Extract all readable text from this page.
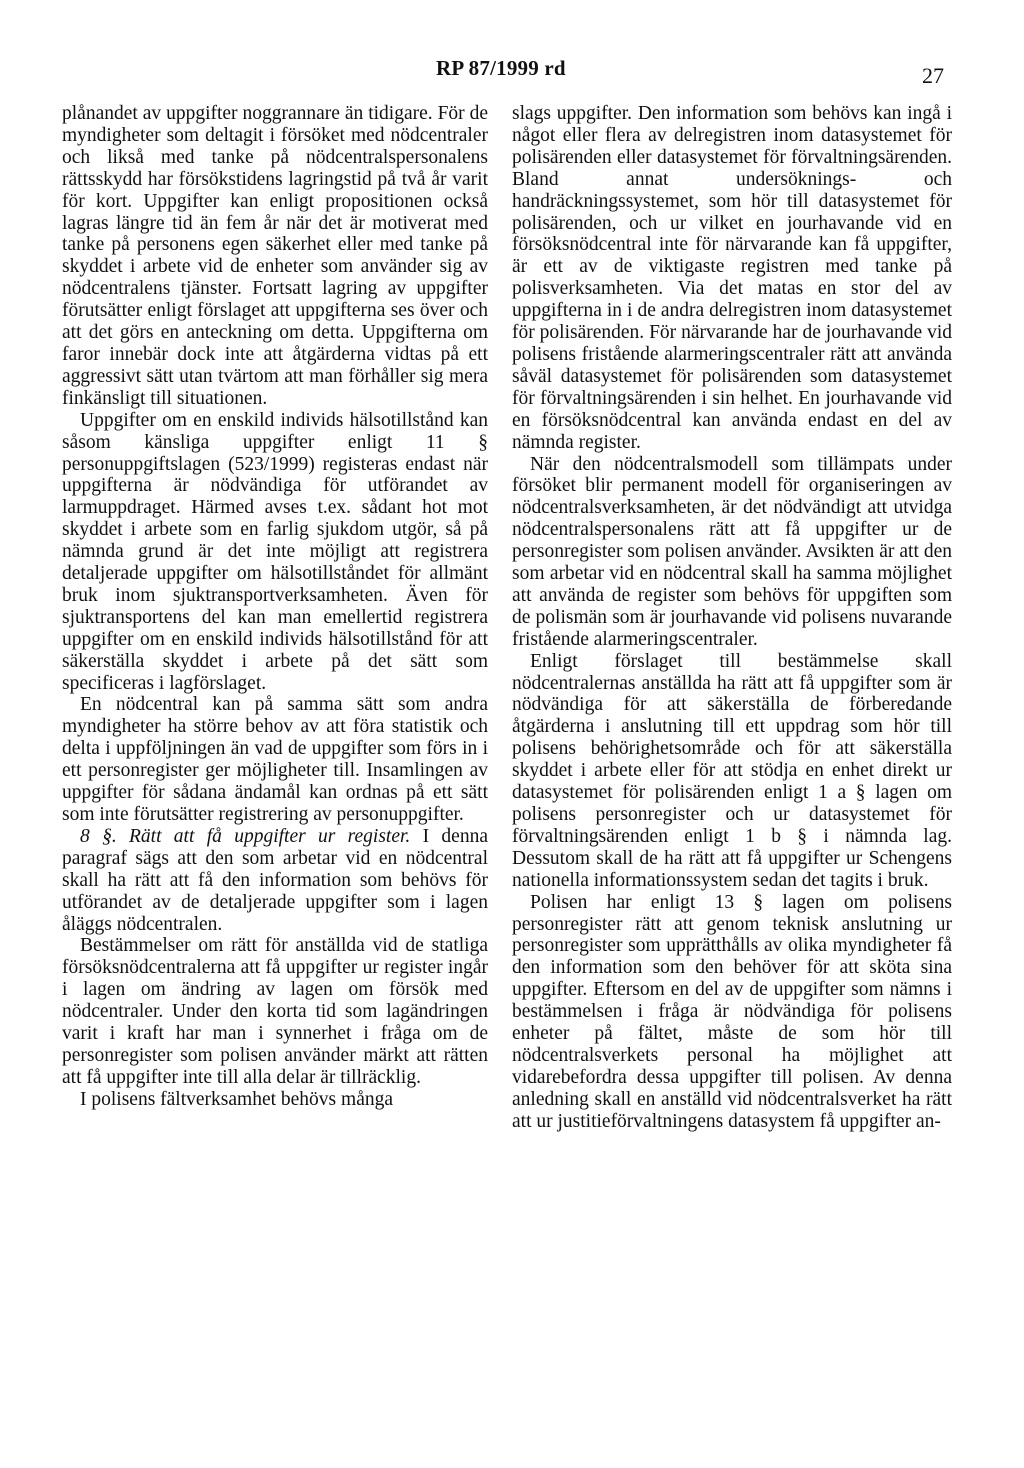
RP 87/1999 rd	27

plånandet av uppgifter noggrannare än tidigare. För de myndigheter som deltagit i försöket med nödcentraler och likså med tanke på nödcentralspersonalens rättsskydd har försökstidens lagringstid på två år varit för kort. Uppgifter kan enligt propositionen också lagras längre tid än fem år när det är motiverat med tanke på personens egen säkerhet eller med tanke på skyddet i arbete vid de enheter som använder sig av nödcentralens tjänster. Fortsatt lagring av uppgifter förutsätter enligt förslaget att uppgifterna ses över och att det görs en anteckning om detta. Uppgifterna om faror innebär dock inte att åtgärderna vidtas på ett aggressivt sätt utan tvärtom att man förhåller sig mera finkänsligt till situationen.

Uppgifter om en enskild individs hälsotillstånd kan såsom känsliga uppgifter enligt 11 § personuppgiftslagen (523/1999) registeras endast när uppgifterna är nödvändiga för utförandet av larmuppdraget. Härmed avses t.ex. sådant hot mot skyddet i arbete som en farlig sjukdom utgör, så på nämnda grund är det inte möjligt att registrera detaljerade uppgifter om hälsotillståndet för allmänt bruk inom sjuktransportverksamheten. Även för sjuktransportens del kan man emellertid registrera uppgifter om en enskild individs hälsotillstånd för att säkerställa skyddet i arbete på det sätt som specificeras i lagförslaget.

En nödcentral kan på samma sätt som andra myndigheter ha större behov av att föra statistik och delta i uppföljningen än vad de uppgifter som förs in i ett personregister ger möjligheter till. Insamlingen av uppgifter för sådana ändamål kan ordnas på ett sätt som inte förutsätter registrering av personuppgifter.

8 §. Rätt att få uppgifter ur register. I denna paragraf sägs att den som arbetar vid en nödcentral skall ha rätt att få den information som behövs för utförandet av de detaljerade uppgifter som i lagen åläggs nödcentralen.

Bestämmelser om rätt för anställda vid de statliga försöksnödcentralerna att få uppgifter ur register ingår i lagen om ändring av lagen om försök med nödcentraler. Under den korta tid som lagändringen varit i kraft har man i synnerhet i fråga om de personregister som polisen använder märkt att rätten att få uppgifter inte till alla delar är tillräcklig.

I polisens fältverksamhet behövs många

slags uppgifter. Den information som behövs kan ingå i något eller flera av delregistren inom datasystemet för polisärenden eller datasystemet för förvaltningsärenden. Bland annat undersöknings- och handräckningssystemet, som hör till datasystemet för polisärenden, och ur vilket en jourhavande vid en försöksnödcentral inte för närvarande kan få uppgifter, är ett av de viktigaste registren med tanke på polisverksamheten. Via det matas en stor del av uppgifterna in i de andra delregistren inom datasystemet för polisärenden. För närvarande har de jourhavande vid polisens fristående alarmeringscentraler rätt att använda såväl datasystemet för polisärenden som datasystemet för förvaltningsärenden i sin helhet. En jourhavande vid en försöksnödcentral kan använda endast en del av nämnda register.

När den nödcentralsmodell som tillämpats under försöket blir permanent modell för organiseringen av nödcentralsverksamheten, är det nödvändigt att utvidga nödcentralspersonalens rätt att få uppgifter ur de personregister som polisen använder. Avsikten är att den som arbetar vid en nödcentral skall ha samma möjlighet att använda de register som behövs för uppgiften som de polismän som är jourhavande vid polisens nuvarande fristående alarmeringscentraler.

Enligt förslaget till bestämmelse skall nödcentralernas anställda ha rätt att få uppgifter som är nödvändiga för att säkerställa de förberedande åtgärderna i anslutning till ett uppdrag som hör till polisens behörighetsområde och för att säkerställa skyddet i arbete eller för att stödja en enhet direkt ur datasystemet för polisärenden enligt 1 a § lagen om polisens personregister och ur datasystemet för förvaltningsärenden enligt 1 b § i nämnda lag. Dessutom skall de ha rätt att få uppgifter ur Schengens nationella informationssystem sedan det tagits i bruk.

Polisen har enligt 13 § lagen om polisens personregister rätt att genom teknisk anslutning ur personregister som upprätthålls av olika myndigheter få den information som den behöver för att sköta sina uppgifter. Eftersom en del av de uppgifter som nämns i bestämmelsen i fråga är nödvändiga för polisens enheter på fältet, måste de som hör till nödcentralsverkets personal ha möjlighet att vidarebefordra dessa uppgifter till polisen. Av denna anledning skall en anställd vid nödcentralsverket ha rätt att ur justitieförvaltningens datasystem få uppgifter an-
